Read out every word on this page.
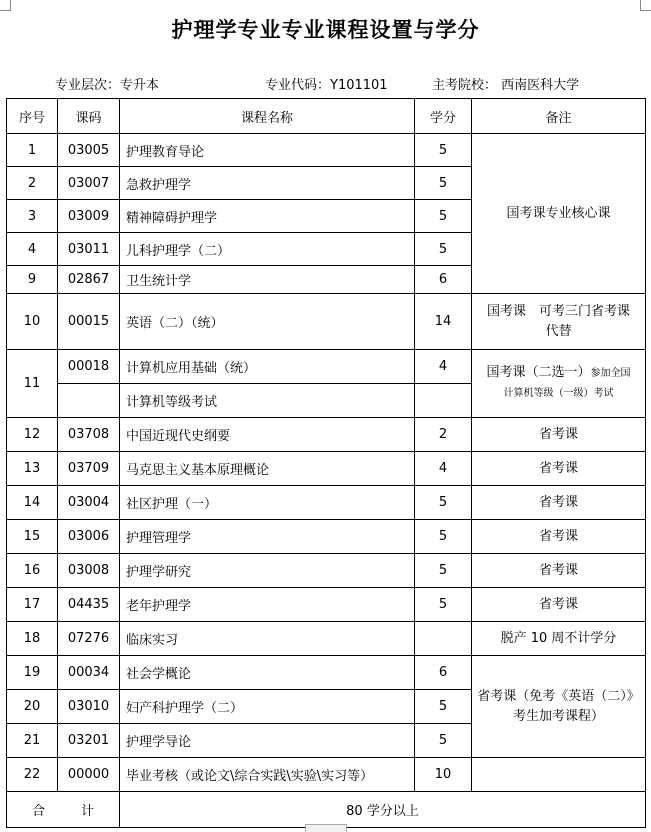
护理学专业专业课程设置与学分
专业层次：专升本	专业代码：Y101101	主考院校： 西南医科大学
序号	课码	课程名称	学分	备注
1	03005	护理教育导论	5	国考课专业核心课
2	03007	急救护理学	5	
3	03009	精神障碍护理学	5	
4	03011	儿科护理学（二）	5	
9	02867	卫生统计学	6	
10	00015	英语（二）（统）	14	国考课　可考三门省考课
代替

11	00018	计算机应用基础（统）	4	国考课（二选一）参加全国
计算机等级（一级）考试

		计算机等级考试		
12	03708	中国近现代史纲要	2	省考课
13	03709	马克思主义基本原理概论	4	省考课
14	03004	社区护理（一）	5	省考课
15	03006	护理管理学	5	省考课
16	03008	护理学研究	5	省考课
17	04435	老年护理学	5	省考课
18	07276	临床实习		脱产 10 周不计学分
19	00034	社会学概论	6	省考课（免考《英语（二）》
考生加考课程）

20	03010	妇产科护理学（二）	5	
21	03201	护理学导论	5	
22	00000	毕业考核（或论文\综合实践\实验\实习等）	10	
合 计		80 学分以上		
